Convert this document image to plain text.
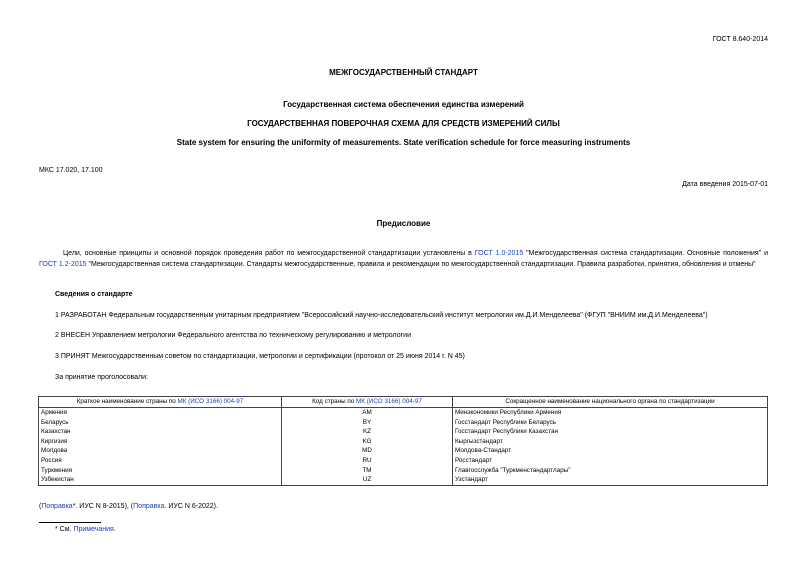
ГОСТ 8.640-2014
МЕЖГОСУДАРСТВЕННЫЙ СТАНДАРТ
Государственная система обеспечения единства измерений
ГОСУДАРСТВЕННАЯ ПОВЕРОЧНАЯ СХЕМА ДЛЯ СРЕДСТВ ИЗМЕРЕНИЙ СИЛЫ
State system for ensuring the uniformity of measurements. State verification schedule for force measuring instruments
МКС 17.020, 17.100
Дата введения 2015-07-01
Предисловие
Цели, основные принципы и основной порядок проведения работ по межгосударственной стандартизации установлены в ГОСТ 1.0-2015 "Межгосударственная система стандартизации. Основные положения" и ГОСТ 1.2-2015 "Межгосударственная система стандартизации. Стандарты межгосударственные, правила и рекомендации по межгосударственной стандартизации. Правила разработки, принятия, обновления и отмены"
Сведения о стандарте
1 РАЗРАБОТАН Федеральным государственным унитарным предприятием "Всероссийский научно-исследовательский институт метрологии им.Д.И.Менделеева" (ФГУП "ВНИИМ им.Д.И.Менделеева")
2 ВНЕСЕН Управлением метрологии Федерального агентства по техническому регулированию и метрологии
3 ПРИНЯТ Межгосударственным советом по стандартизации, метрологии и сертификации (протокол от 25 июня 2014 г. N 45)
За принятие проголосовали:
Краткое наименование страны по МК (ИСО 3166) 004-97	Код страны по МК (ИСО 3166) 004-97	Сокращенное наименование национального органа по стандартизации
Армения	AM	Минэкономики Республики Армения
Беларусь	BY	Госстандарт Республики Беларусь
Казахстан	KZ	Госстандарт Республики Казахстан
Киргизия	KG	Кыргызстандарт
Молдова	MD	Молдова-Стандарт
Россия	RU	Росстандарт
Туркмения	TM	Главгосслужба "Туркменстандартлары"
Узбекистан	UZ	Узстандарт
(Поправка*. ИУС N 8-2015), (Поправка. ИУС N 6-2022).
* См. Примечания.
